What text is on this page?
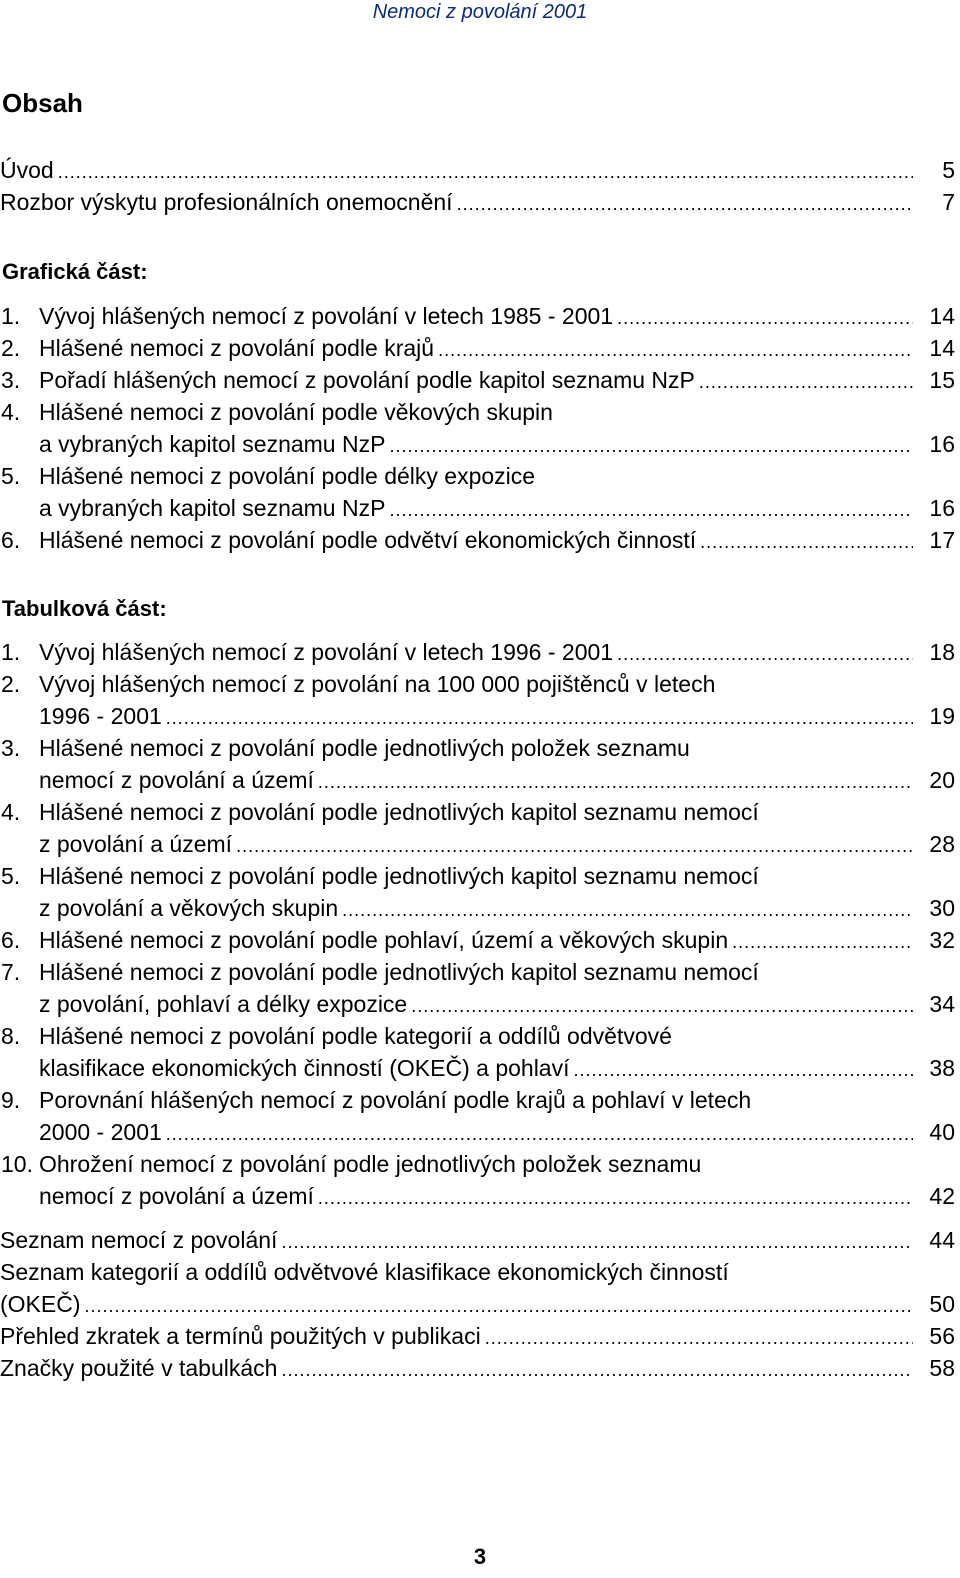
Nemoci z povolání 2001
Obsah
Úvod .....	5
Rozbor výskytu profesionálních onemocnění .....	7
Grafická část:
1. Vývoj hlášených nemocí z povolání v letech 1985 - 2001 .....	14
2. Hlášené nemoci z povolání podle krajů .....	14
3. Pořadí hlášených nemocí z povolání podle kapitol seznamu NzP .....	15
4. Hlášené nemoci z povolání podle věkových skupin
a vybraných kapitol seznamu NzP .....	16
5. Hlášené nemoci z povolání podle délky expozice
a vybraných kapitol seznamu NzP .....	16
6. Hlášené nemoci z povolání podle odvětví ekonomických činností .....	17
Tabulková část:
1. Vývoj hlášených nemocí z povolání v letech 1996 - 2001 .....	18
2. Vývoj hlášených nemocí z povolání na 100 000 pojištěnců v letech
1996 - 2001 .....	19
3. Hlášené nemoci z povolání podle jednotlivých položek seznamu
nemocí z povolání a území .....	20
4. Hlášené nemoci z povolání podle jednotlivých kapitol seznamu nemocí
z povolání a území .....	28
5. Hlášené nemoci z povolání podle jednotlivých kapitol seznamu nemocí
z povolání a věkových skupin .....	30
6. Hlášené nemoci z povolání podle pohlaví, území a věkových skupin .....	32
7. Hlášené nemoci z povolání podle jednotlivých kapitol seznamu nemocí
z povolání, pohlaví a délky expozice .....	34
8. Hlášené nemoci z povolání podle kategorií a oddílů odvětvové
klasifikace ekonomických činností (OKEČ) a pohlaví .....	38
9. Porovnání hlášených nemocí z povolání podle krajů a pohlaví v letech
2000 - 2001 .....	40
10. Ohrožení nemocí z povolání podle jednotlivých položek seznamu
nemocí z povolání a území .....	42
Seznam nemocí z povolání .....	44
Seznam kategorií a oddílů odvětvové klasifikace ekonomických činností
(OKEČ) .....	50
Přehled zkratek a termínů použitých v publikaci .....	56
Značky použité v tabulkách .....	58
3
